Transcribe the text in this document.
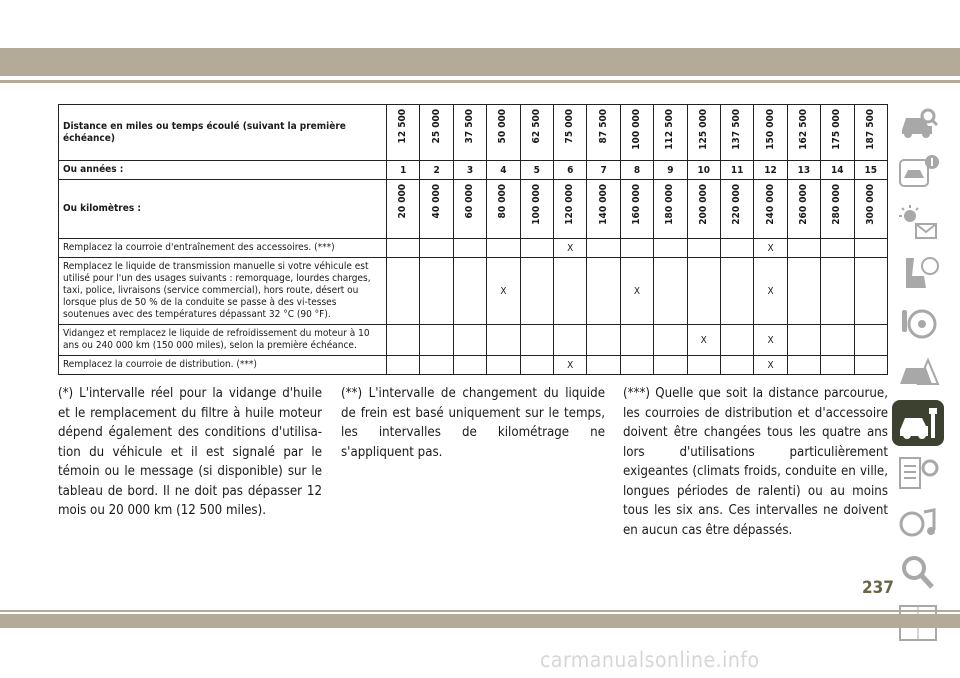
Distance en miles ou temps écoulé (suivant la première échéance)	12 500	25 000	37 500	50 000	62 500	75 000	87 500	100 000	112 500	125 000	137 500	150 000	162 500	175 000	187 500

Ou années :	1	2	3	4	5	6	7	8	9	10	11	12	13	14	15
Ou kilomètres :	20 000	40 000	60 000	80 000	100 000	120 000	140 000	160 000	180 000	200 000	220 000	240 000	260 000	280 000	300 000

Remplacez la courroie d'entraînement des accessoires. (***)						X						X			
Remplacez le liquide de transmission manuelle si votre véhicule est utilisé pour l'un des usages suivants : remorquage, lourdes charges, taxi, police, livraisons (service commercial), hors route, désert ou lorsque plus de 50 % de la conduite se passe à des vi-tesses soutenues avec des températures dépassant 32 °C (90 °F).				X				X				X			
Vidangez et remplacez le liquide de refroidissement du moteur à 10 ans ou 240 000 km (150 000 miles), selon la première échéance.										X		X			
Remplacez la courroie de distribution. (***)						X						X			
(*) L'intervalle réel pour la vidange d'huile et le remplacement du filtre à huile moteur dépend également des conditions d'utilisa-tion du véhicule et il est signalé par le témoin ou le message (si disponible) sur le tableau de bord. Il ne doit pas dépasser 12 mois ou 20 000 km (12 500 miles).
(**) L'intervalle de changement du liquide de frein est basé uniquement sur le temps, les intervalles de kilométrage ne s'appliquent pas.
(***) Quelle que soit la distance parcourue, les courroies de distribution et d'accessoire doivent être changées tous les quatre ans lors d'utilisations particulièrement exigeantes (climats froids, conduite en ville, longues périodes de ralenti) ou au moins tous les six ans. Ces intervalles ne doivent en aucun cas être dépassés.
237
carmanualsonline.info
